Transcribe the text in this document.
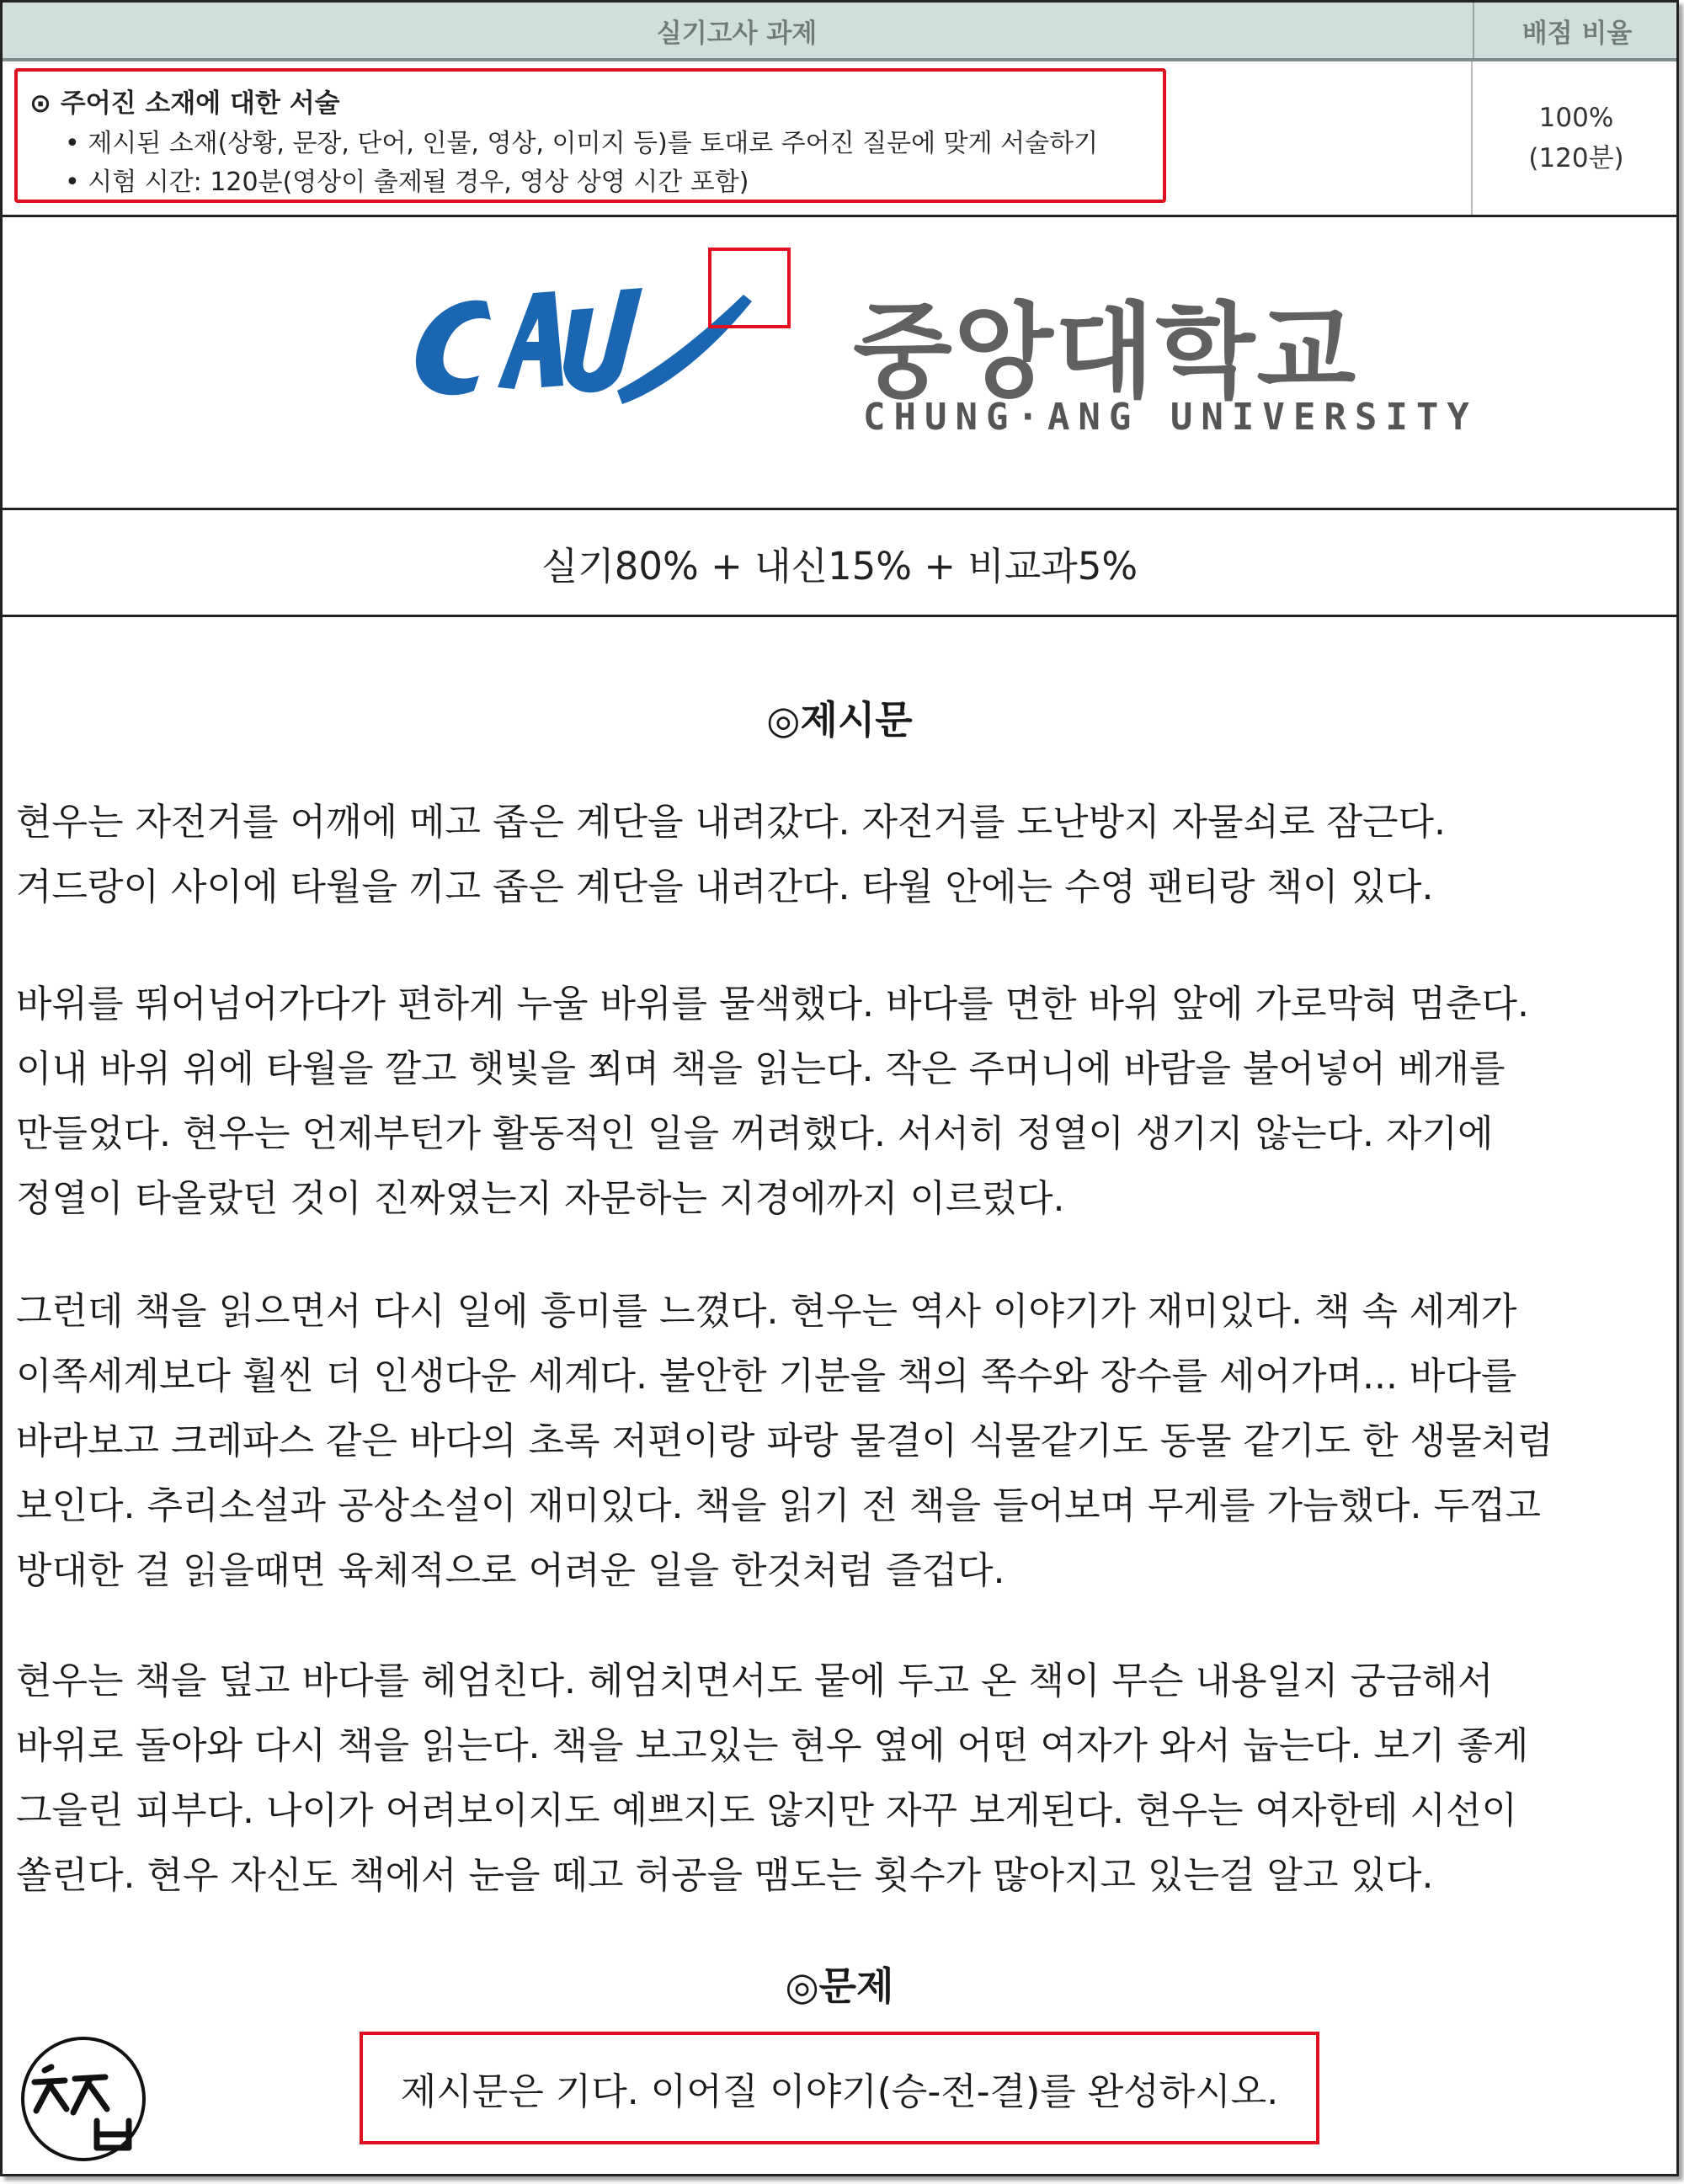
실기고사 과제	배점 비율
⊙ 주어진 소재에 대한 서술
• 제시된 소재(상황, 문장, 단어, 인물, 영상, 이미지 등)를 토대로 주어진 질문에 맞게 서술하기
• 시험 시간: 120분(영상이 출제될 경우, 영상 상영 시간 포함)
100%
(120분)
중앙대학교
CHUNG·ANG UNIVERSITY
실기80% + 내신15% + 비교과5%
◎제시문
현우는 자전거를 어깨에 메고 좁은 계단을 내려갔다. 자전거를 도난방지 자물쇠로 잠근다.
겨드랑이 사이에 타월을 끼고 좁은 계단을 내려간다. 타월 안에는 수영 팬티랑 책이 있다.
바위를 뛰어넘어가다가 편하게 누울 바위를 물색했다. 바다를 면한 바위 앞에 가로막혀 멈춘다.
이내 바위 위에 타월을 깔고 햇빛을 쬐며 책을 읽는다. 작은 주머니에 바람을 불어넣어 베개를
만들었다. 현우는 언제부턴가 활동적인 일을 꺼려했다. 서서히 정열이 생기지 않는다. 자기에
정열이 타올랐던 것이 진짜였는지 자문하는 지경에까지 이르렀다.
그런데 책을 읽으면서 다시 일에 흥미를 느꼈다. 현우는 역사 이야기가 재미있다. 책 속 세계가
이쪽세계보다 훨씬 더 인생다운 세계다. 불안한 기분을 책의 쪽수와 장수를 세어가며... 바다를
바라보고 크레파스 같은 바다의 초록 저편이랑 파랑 물결이 식물같기도 동물 같기도 한 생물처럼
보인다. 추리소설과 공상소설이 재미있다. 책을 읽기 전 책을 들어보며 무게를 가늠했다. 두껍고
방대한 걸 읽을때면 육체적으로 어려운 일을 한것처럼 즐겁다.
현우는 책을 덮고 바다를 헤엄친다. 헤엄치면서도 뭍에 두고 온 책이 무슨 내용일지 궁금해서
바위로 돌아와 다시 책을 읽는다. 책을 보고있는 현우 옆에 어떤 여자가 와서 눕는다. 보기 좋게
그을린 피부다. 나이가 어려보이지도 예쁘지도 않지만 자꾸 보게된다. 현우는 여자한테 시선이
쏠린다. 현우 자신도 책에서 눈을 떼고 허공을 맴도는 횟수가 많아지고 있는걸 알고 있다.
◎문제
제시문은 기다. 이어질 이야기(승-전-결)를 완성하시오.
